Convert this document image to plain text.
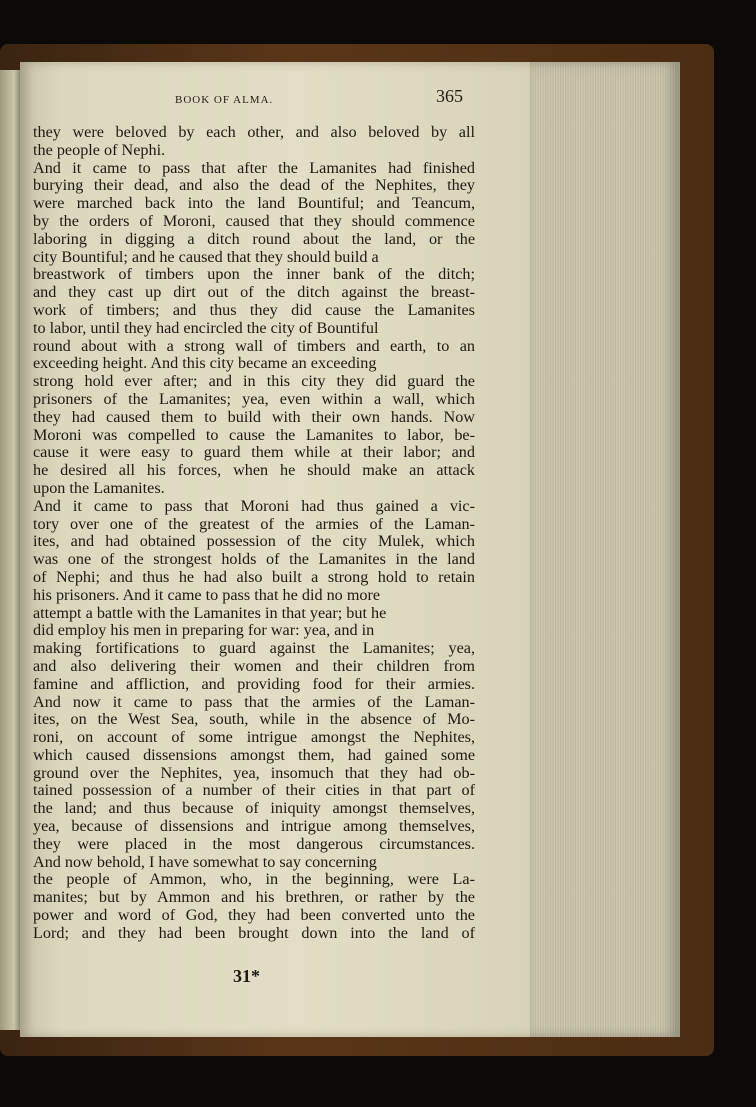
BOOK OF ALMA.	365
they were beloved by each other, and also beloved by all
the people of Nephi.
And it came to pass that after the Lamanites had finished
burying their dead, and also the dead of the Nephites, they
were marched back into the land Bountiful; and Teancum,
by the orders of Moroni, caused that they should commence
laboring in digging a ditch round about the land, or the
city Bountiful; and he caused that they should build a
breastwork of timbers upon the inner bank of the ditch;
and they cast up dirt out of the ditch against the breast-
work of timbers; and thus they did cause the Lamanites
to labor, until they had encircled the city of Bountiful
round about with a strong wall of timbers and earth, to an
exceeding height. And this city became an exceeding
strong hold ever after; and in this city they did guard the
prisoners of the Lamanites; yea, even within a wall, which
they had caused them to build with their own hands. Now
Moroni was compelled to cause the Lamanites to labor, be-
cause it were easy to guard them while at their labor; and
he desired all his forces, when he should make an attack
upon the Lamanites.
And it came to pass that Moroni had thus gained a vic-
tory over one of the greatest of the armies of the Laman-
ites, and had obtained possession of the city Mulek, which
was one of the strongest holds of the Lamanites in the land
of Nephi; and thus he had also built a strong hold to retain
his prisoners. And it came to pass that he did no more
attempt a battle with the Lamanites in that year; but he
did employ his men in preparing for war: yea, and in
making fortifications to guard against the Lamanites; yea,
and also delivering their women and their children from
famine and affliction, and providing food for their armies.
And now it came to pass that the armies of the Laman-
ites, on the West Sea, south, while in the absence of Mo-
roni, on account of some intrigue amongst the Nephites,
which caused dissensions amongst them, had gained some
ground over the Nephites, yea, insomuch that they had ob-
tained possession of a number of their cities in that part of
the land; and thus because of iniquity amongst themselves,
yea, because of dissensions and intrigue among themselves,
they were placed in the most dangerous circumstances.
And now behold, I have somewhat to say concerning
the people of Ammon, who, in the beginning, were La-
manites; but by Ammon and his brethren, or rather by the
power and word of God, they had been converted unto the
Lord; and they had been brought down into the land of
31*
